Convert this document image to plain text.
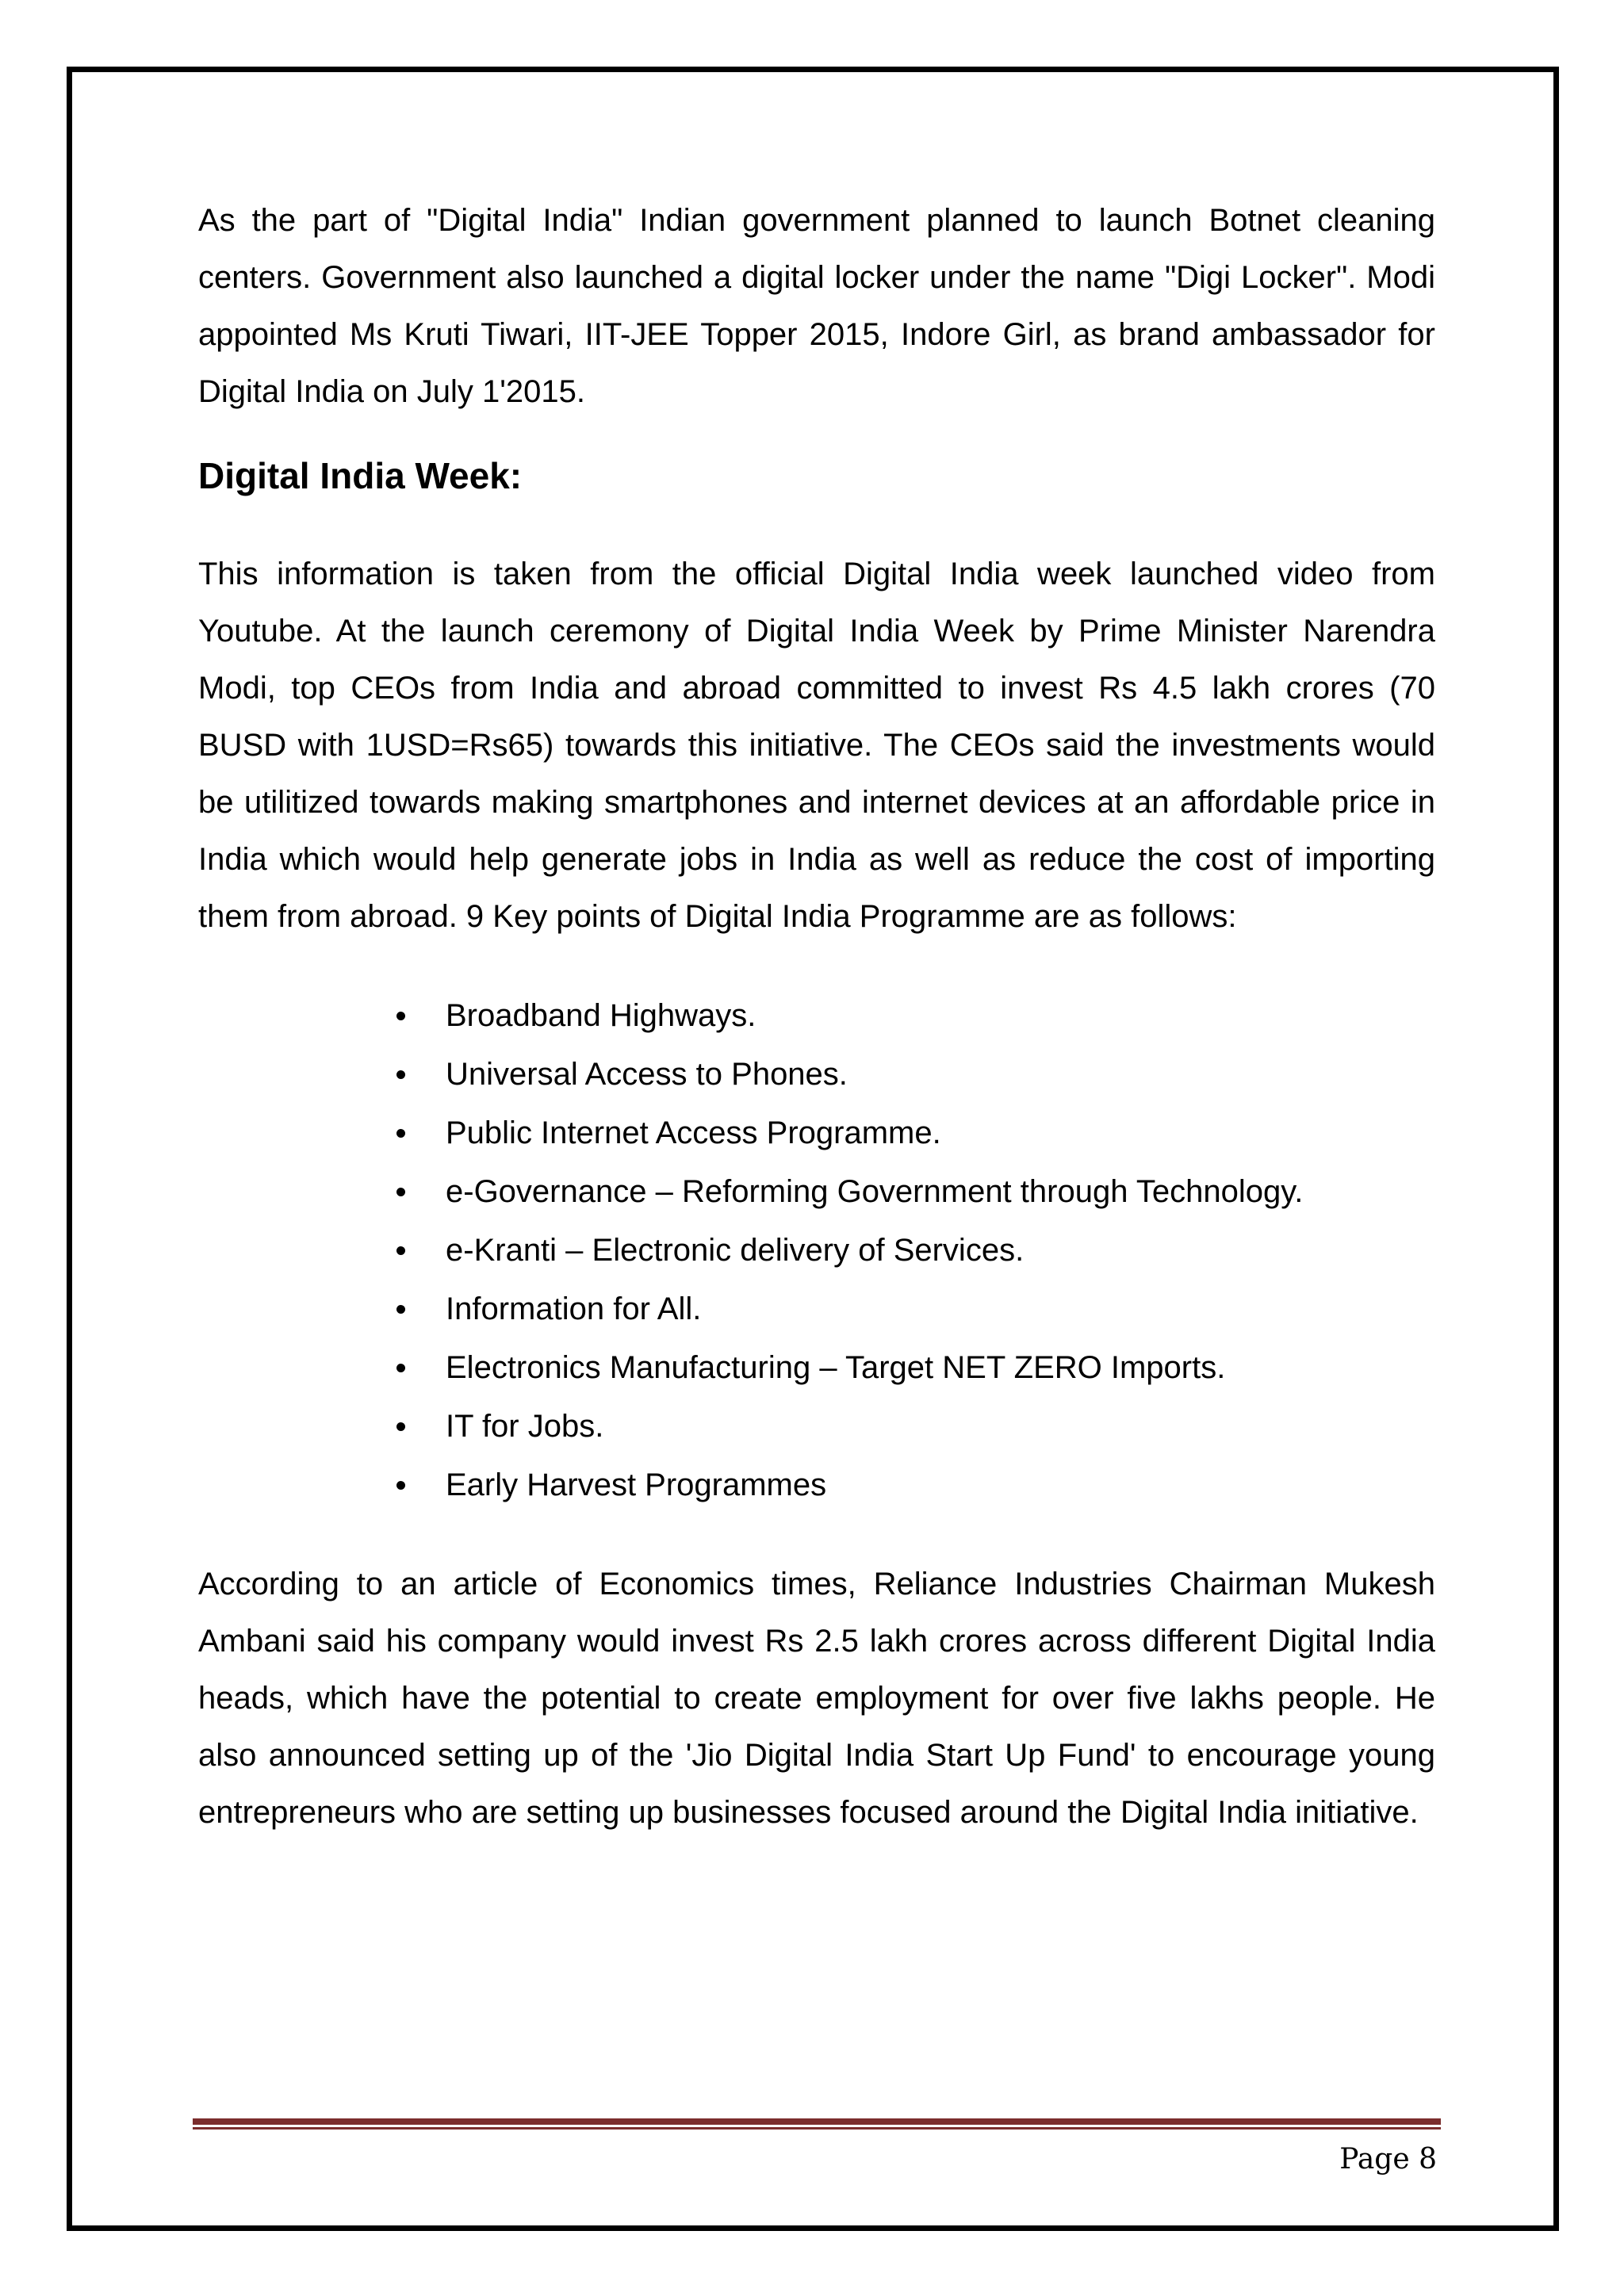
As the part of "Digital India" Indian government planned to launch Botnet cleaning centers. Government also launched a digital locker under the name "Digi Locker". Modi appointed Ms Kruti Tiwari, IIT-JEE Topper 2015, Indore Girl, as brand ambassador for Digital India on July 1'2015.

Digital India Week:

This information is taken from the official Digital India week launched video from Youtube. At the launch ceremony of Digital India Week by Prime Minister Narendra Modi, top CEOs from India and abroad committed to invest Rs 4.5 lakh crores (70 BUSD with 1USD=Rs65) towards this initiative. The CEOs said the investments would be utilitized towards making smartphones and internet devices at an affordable price in India which would help generate jobs in India as well as reduce the cost of importing them from abroad. 9 Key points of Digital India Programme are as follows:

Broadband Highways.
Universal Access to Phones.
Public Internet Access Programme.
e-Governance – Reforming Government through Technology.
e-Kranti – Electronic delivery of Services.
Information for All.
Electronics Manufacturing – Target NET ZERO Imports.
IT for Jobs.
Early Harvest Programmes

According to an article of Economics times, Reliance Industries Chairman Mukesh Ambani said his company would invest Rs 2.5 lakh crores across different Digital India heads, which have the potential to create employment for over five lakhs people. He also announced setting up of the 'Jio Digital India Start Up Fund' to encourage young entrepreneurs who are setting up businesses focused around the Digital India initiative.

Page 8
